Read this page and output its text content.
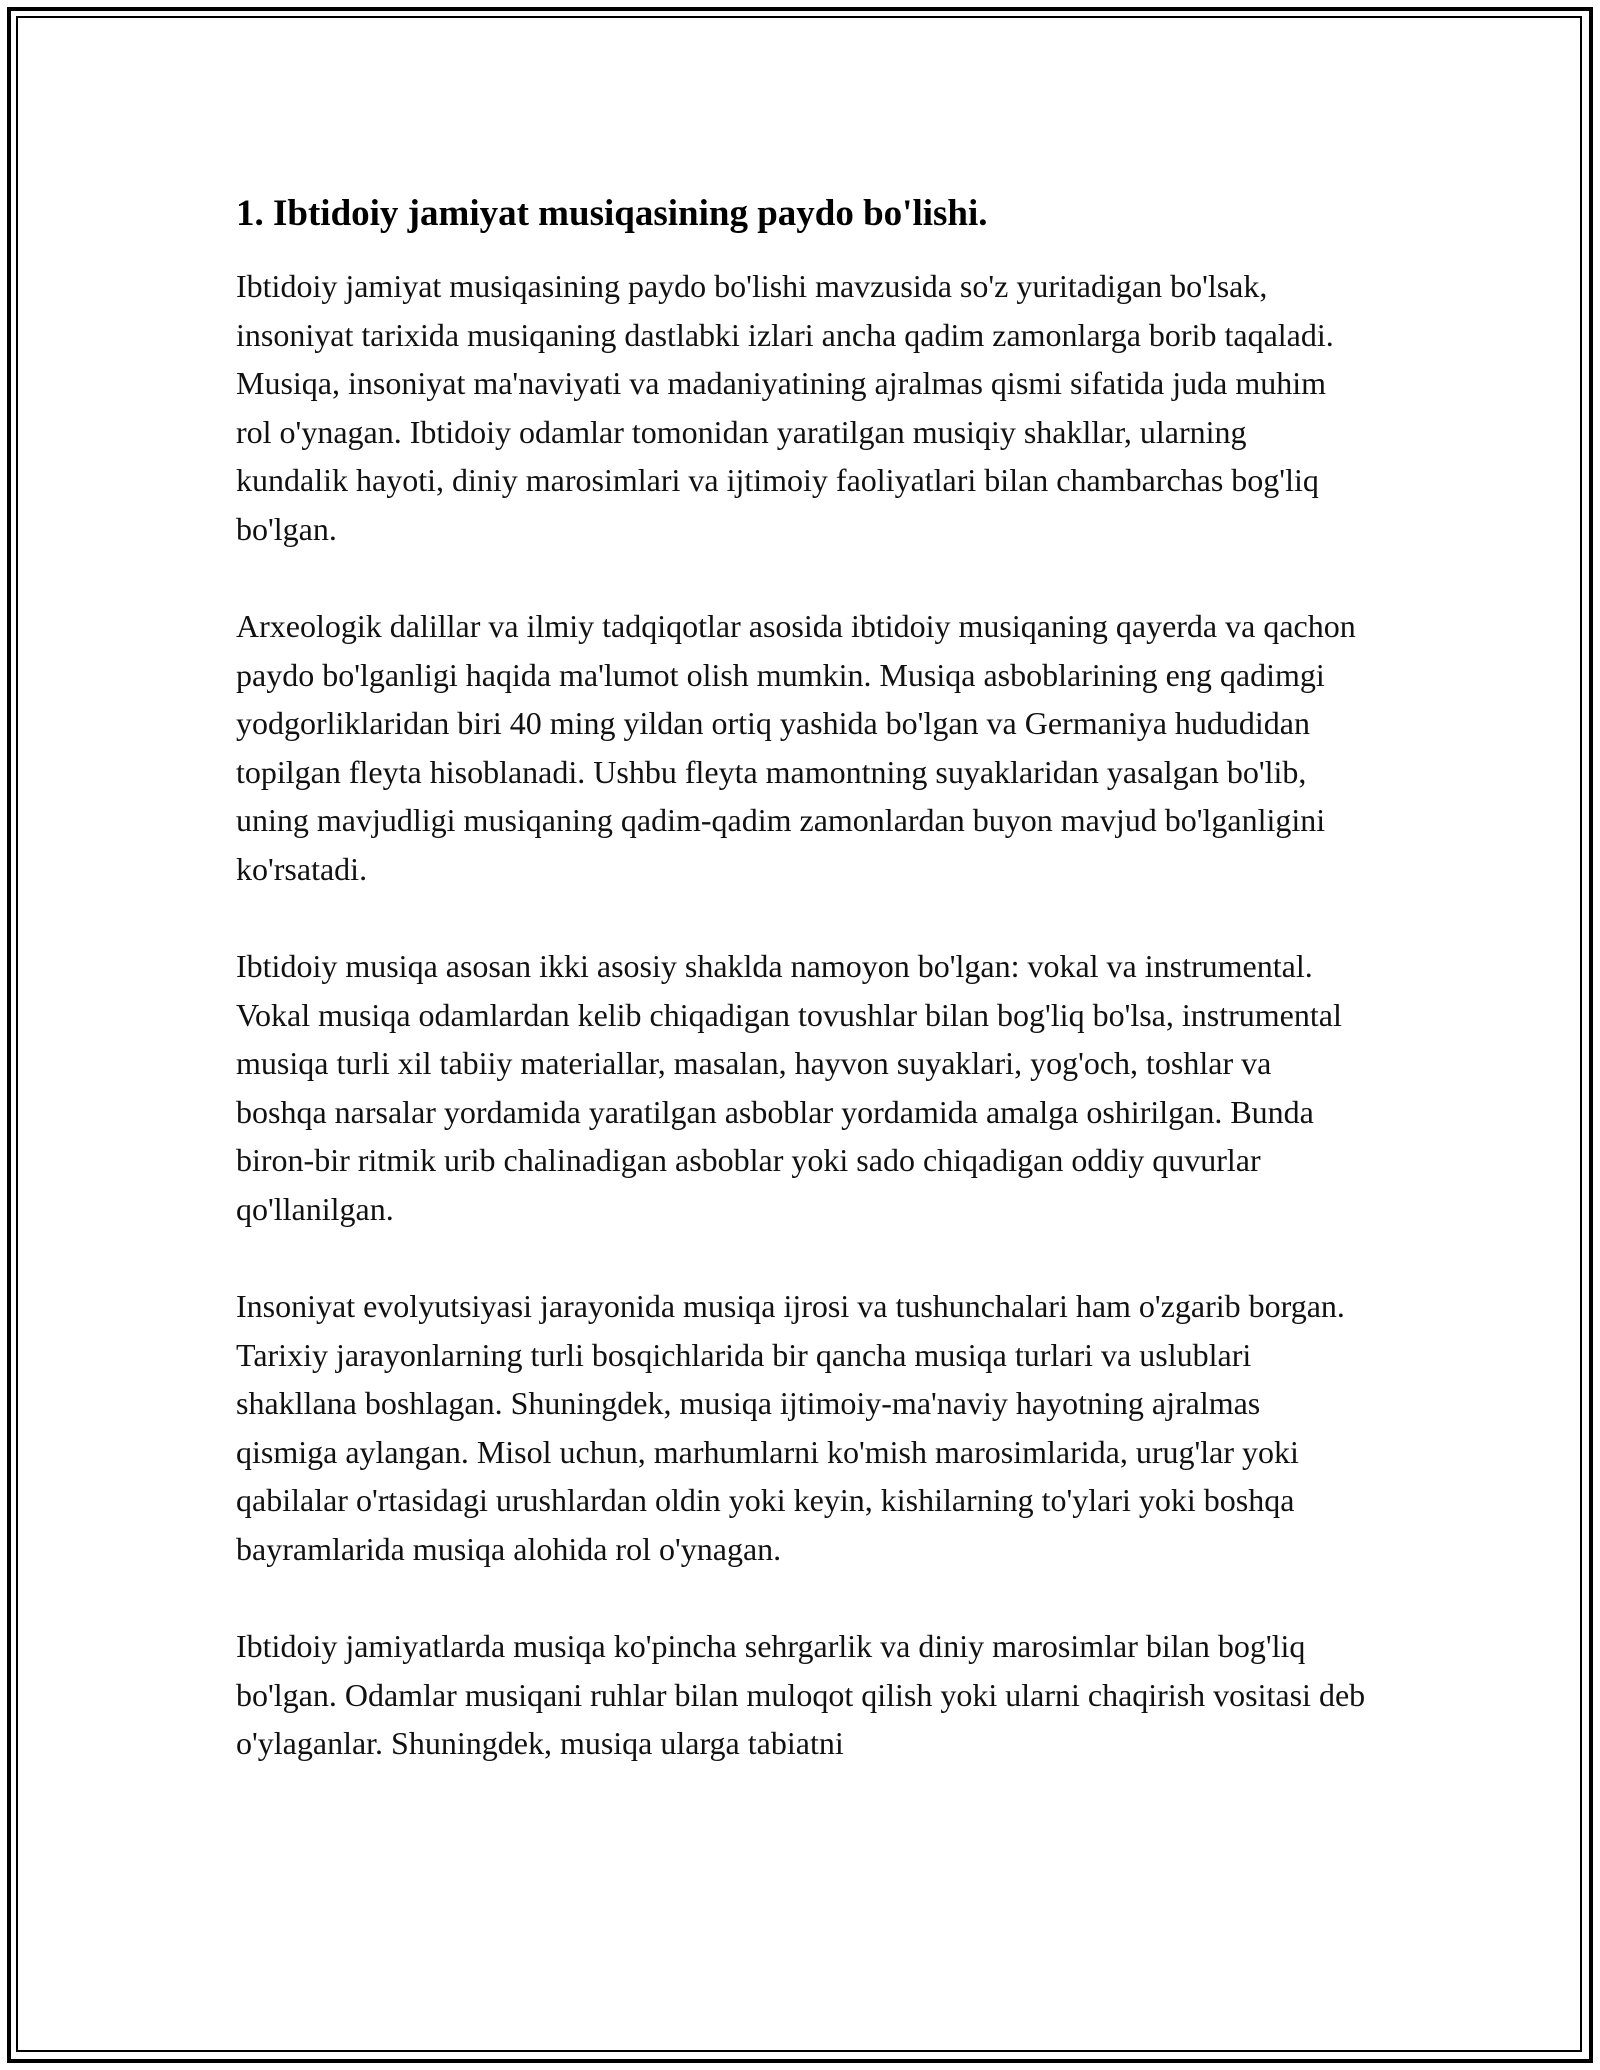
1. Ibtidoiy jamiyat musiqasining paydo bo'lishi.

Ibtidoiy jamiyat musiqasining paydo bo'lishi mavzusida so'z yuritadigan bo'lsak, insoniyat tarixida musiqaning dastlabki izlari ancha qadim zamonlarga borib taqaladi. Musiqa, insoniyat ma'naviyati va madaniyatining ajralmas qismi sifatida juda muhim rol o'ynagan. Ibtidoiy odamlar tomonidan yaratilgan musiqiy shakllar, ularning kundalik hayoti, diniy marosimlari va ijtimoiy faoliyatlari bilan chambarchas bog'liq bo'lgan.

Arxeologik dalillar va ilmiy tadqiqotlar asosida ibtidoiy musiqaning qayerda va qachon paydo bo'lganligi haqida ma'lumot olish mumkin. Musiqa asboblarining eng qadimgi yodgorliklaridan biri 40 ming yildan ortiq yashida bo'lgan va Germaniya hududidan topilgan fleyta hisoblanadi. Ushbu fleyta mamontning suyaklaridan yasalgan bo'lib, uning mavjudligi musiqaning qadim-qadim zamonlardan buyon mavjud bo'lganligini ko'rsatadi.

Ibtidoiy musiqa asosan ikki asosiy shaklda namoyon bo'lgan: vokal va instrumental. Vokal musiqa odamlardan kelib chiqadigan tovushlar bilan bog'liq bo'lsa, instrumental musiqa turli xil tabiiy materiallar, masalan, hayvon suyaklari, yog'och, toshlar va boshqa narsalar yordamida yaratilgan asboblar yordamida amalga oshirilgan. Bunda biron-bir ritmik urib chalinadigan asboblar yoki sado chiqadigan oddiy quvurlar qo'llanilgan.

Insoniyat evolyutsiyasi jarayonida musiqa ijrosi va tushunchalari ham o'zgarib borgan. Tarixiy jarayonlarning turli bosqichlarida bir qancha musiqa turlari va uslublari shakllana boshlagan. Shuningdek, musiqa ijtimoiy-ma'naviy hayotning ajralmas qismiga aylangan. Misol uchun, marhumlarni ko'mish marosimlarida, urug'lar yoki qabilalar o'rtasidagi urushlardan oldin yoki keyin, kishilarning to'ylari yoki boshqa bayramlarida musiqa alohida rol o'ynagan.

Ibtidoiy jamiyatlarda musiqa ko'pincha sehrgarlik va diniy marosimlar bilan bog'liq bo'lgan. Odamlar musiqani ruhlar bilan muloqot qilish yoki ularni chaqirish vositasi deb o'ylaganlar. Shuningdek, musiqa ularga tabiatni
